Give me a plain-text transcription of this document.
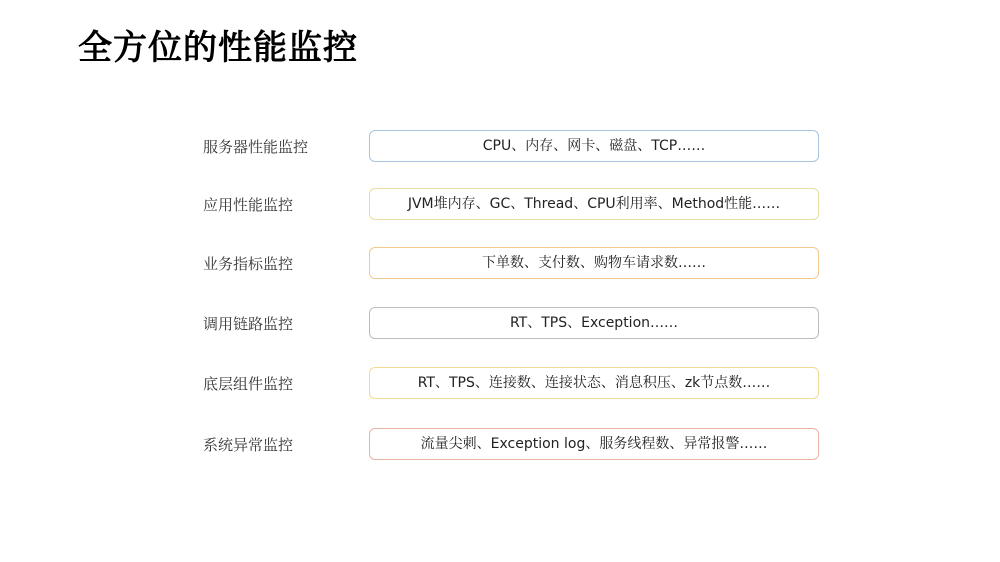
全方位的性能监控
服务器性能监控	CPU、内存、网卡、磁盘、TCP……
应用性能监控	JVM堆内存、GC、Thread、CPU利用率、Method性能……
业务指标监控	下单数、支付数、购物车请求数……
调用链路监控	RT、TPS、Exception……
底层组件监控	RT、TPS、连接数、连接状态、消息积压、zk节点数……
系统异常监控	流量尖刺、Exception log、服务线程数、异常报警……
